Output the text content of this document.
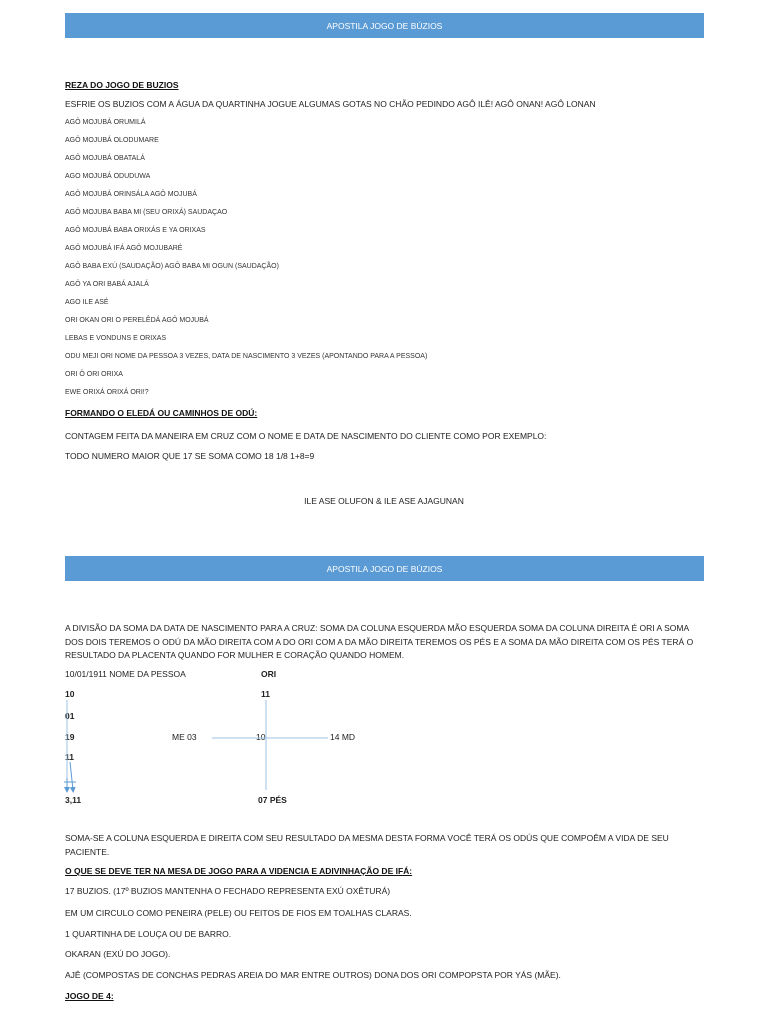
APOSTILA JOGO DE BÚZIOS
REZA DO JOGO DE BUZIOS
ESFRIE OS BUZIOS COM A ÁGUA DA QUARTINHA JOGUE ALGUMAS GOTAS NO CHÃO PEDINDO AGÔ ILÊ! AGÔ ONAN! AGÔ LONAN
AGÔ MOJUBÁ ORUMILÁ
AGÔ MOJUBÁ OLODUMARE
AGÔ MOJUBÁ OBATALÁ
AGO MOJUBÁ ODUDUWA
AGÔ MOJUBÁ ORINSÁLA AGÔ MOJUBÁ
AGÔ MOJUBA BABA MI (SEU ORIXÁ) SAUDAÇAO
AGÔ MOJUBÁ BABA ORIXÁS E YA ORIXAS
AGÔ MOJUBÁ IFÁ AGÔ MOJUBARÉ
AGÔ BABA EXÚ (SAUDAÇÃO) AGÔ BABA MI OGUN (SAUDAÇÃO)
AGÔ YA ORI BABÁ AJALÁ
AGO ILE ASÉ
ORI OKAN ORI O PERELÊDÁ AGÔ MOJUBÁ
LEBAS E VONDUNS E ORIXAS
ODU MEJI ORI NOME DA PESSOA 3 VEZES, DATA DE NASCIMENTO 3 VEZES (APONTANDO PARA A PESSOA)
ORI Ô ORI ORIXA
EWE ORIXÁ ORIXÁ ORI!?
FORMANDO O ELEDÁ OU CAMINHOS DE ODÚ:
CONTAGEM FEITA DA MANEIRA EM CRUZ COM O NOME E DATA DE NASCIMENTO DO CLIENTE COMO POR EXEMPLO:
TODO NUMERO MAIOR QUE 17 SE SOMA COMO 18 1/8 1+8=9
ILE ASE OLUFON & ILE ASE AJAGUNAN
APOSTILA JOGO DE BÚZIOS
A DIVISÃO DA SOMA DA DATA DE NASCIMENTO PARA A CRUZ: SOMA DA COLUNA ESQUERDA MÃO ESQUERDA SOMA DA COLUNA DIREITA É ORI A SOMA DOS DOIS TEREMOS O ODÚ DA MÃO DIREITA COM A DO ORI COM A DA MÃO DIREITA TEREMOS OS PÉS E A SOMA DA MÃO DIREITA COM OS PÉS TERÁ O RESULTADO DA PLACENTA QUANDO FOR MULHER E CORAÇÃO QUANDO HOMEM.
10/01/1911 NOME DA PESSOA	ORI
10
01
19
11
3,11
11
ME 03	10	14 MD
07 PÉS
SOMA-SE A COLUNA ESQUERDA E DIREITA COM SEU RESULTADO DA MESMA DESTA FORMA VOCÊ TERÁ OS ODÚS QUE COMPOÊM A VIDA DE SEU PACIENTE.
O QUE SE DEVE TER NA MESA DE JOGO PARA A VIDENCIA E ADIVINHAÇÃO DE IFÁ:
17 BUZIOS. (17º BUZIOS MANTENHA O FECHADO REPRESENTA EXÚ OXÊTURÁ)
EM UM CIRCULO COMO PENEIRA (PELE) OU FEITOS DE FIOS EM TOALHAS CLARAS.
1 QUARTINHA DE LOUÇA OU DE BARRO.
OKARAN (EXÚ DO JOGO).
AJÊ (COMPOSTAS DE CONCHAS PEDRAS AREIA DO MAR ENTRE OUTROS) DONA DOS ORI COMPOPSTA POR YÁS (MÃE).
JOGO DE 4:
